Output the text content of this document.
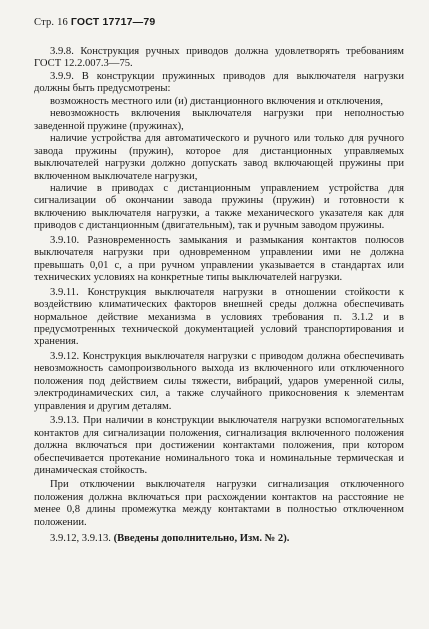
Стр. 16 ГОСТ 17717—79

3.9.8. Конструкция ручных приводов должна удовлетворять требованиям ГОСТ 12.2.007.3—75.

3.9.9. В конструкции пружинных приводов для выключателя нагрузки должны быть предусмотрены:

возможность местного или (и) дистанционного включения и отключения,

невозможность включения выключателя нагрузки при неполностью заведенной пружине (пружинах),

наличие устройства для автоматического и ручного или только для ручного завода пружины (пружин), которое для дистанционных управляемых выключателей нагрузки должно допускать завод включающей пружины при включенном выключателе нагрузки,

наличие в приводах с дистанционным управлением устройства для сигнализации об окончании завода пружины (пружин) и готовности к включению выключателя нагрузки, а также механического указателя как для приводов с дистанционным (двигательным), так и ручным заводом пружины.

3.9.10. Разновременность замыкания и размыкания контактов полюсов выключателя нагрузки при одновременном управлении ими не должна превышать 0,01 с, а при ручном управлении указывается в стандартах или технических условиях на конкретные типы выключателей нагрузки.

3.9.11. Конструкция выключателя нагрузки в отношении стойкости к воздействию климатических факторов внешней среды должна обеспечивать нормальное действие механизма в условиях требования п. 3.1.2 и в предусмотренных технической документацией условий транспортирования и хранения.

3.9.12. Конструкция выключателя нагрузки с приводом должна обеспечивать невозможность самопроизвольного выхода из включенного или отключенного положения под действием силы тяжести, вибраций, ударов умеренной силы, электродинамических сил, а также случайного прикосновения к элементам управления и другим деталям.

3.9.13. При наличии в конструкции выключателя нагрузки вспомогательных контактов для сигнализации положения, сигнализация включенного положения должна включаться при достижении контактами положения, при котором обеспечивается протекание номинального тока и номинальные термическая и динамическая стойкость.

При отключении выключателя нагрузки сигнализация отключенного положения должна включаться при расхождении контактов на расстояние не менее 0,8 длины промежутка между контактами в полностью отключенном положении.

3.9.12, 3.9.13. (Введены дополнительно, Изм. № 2).
